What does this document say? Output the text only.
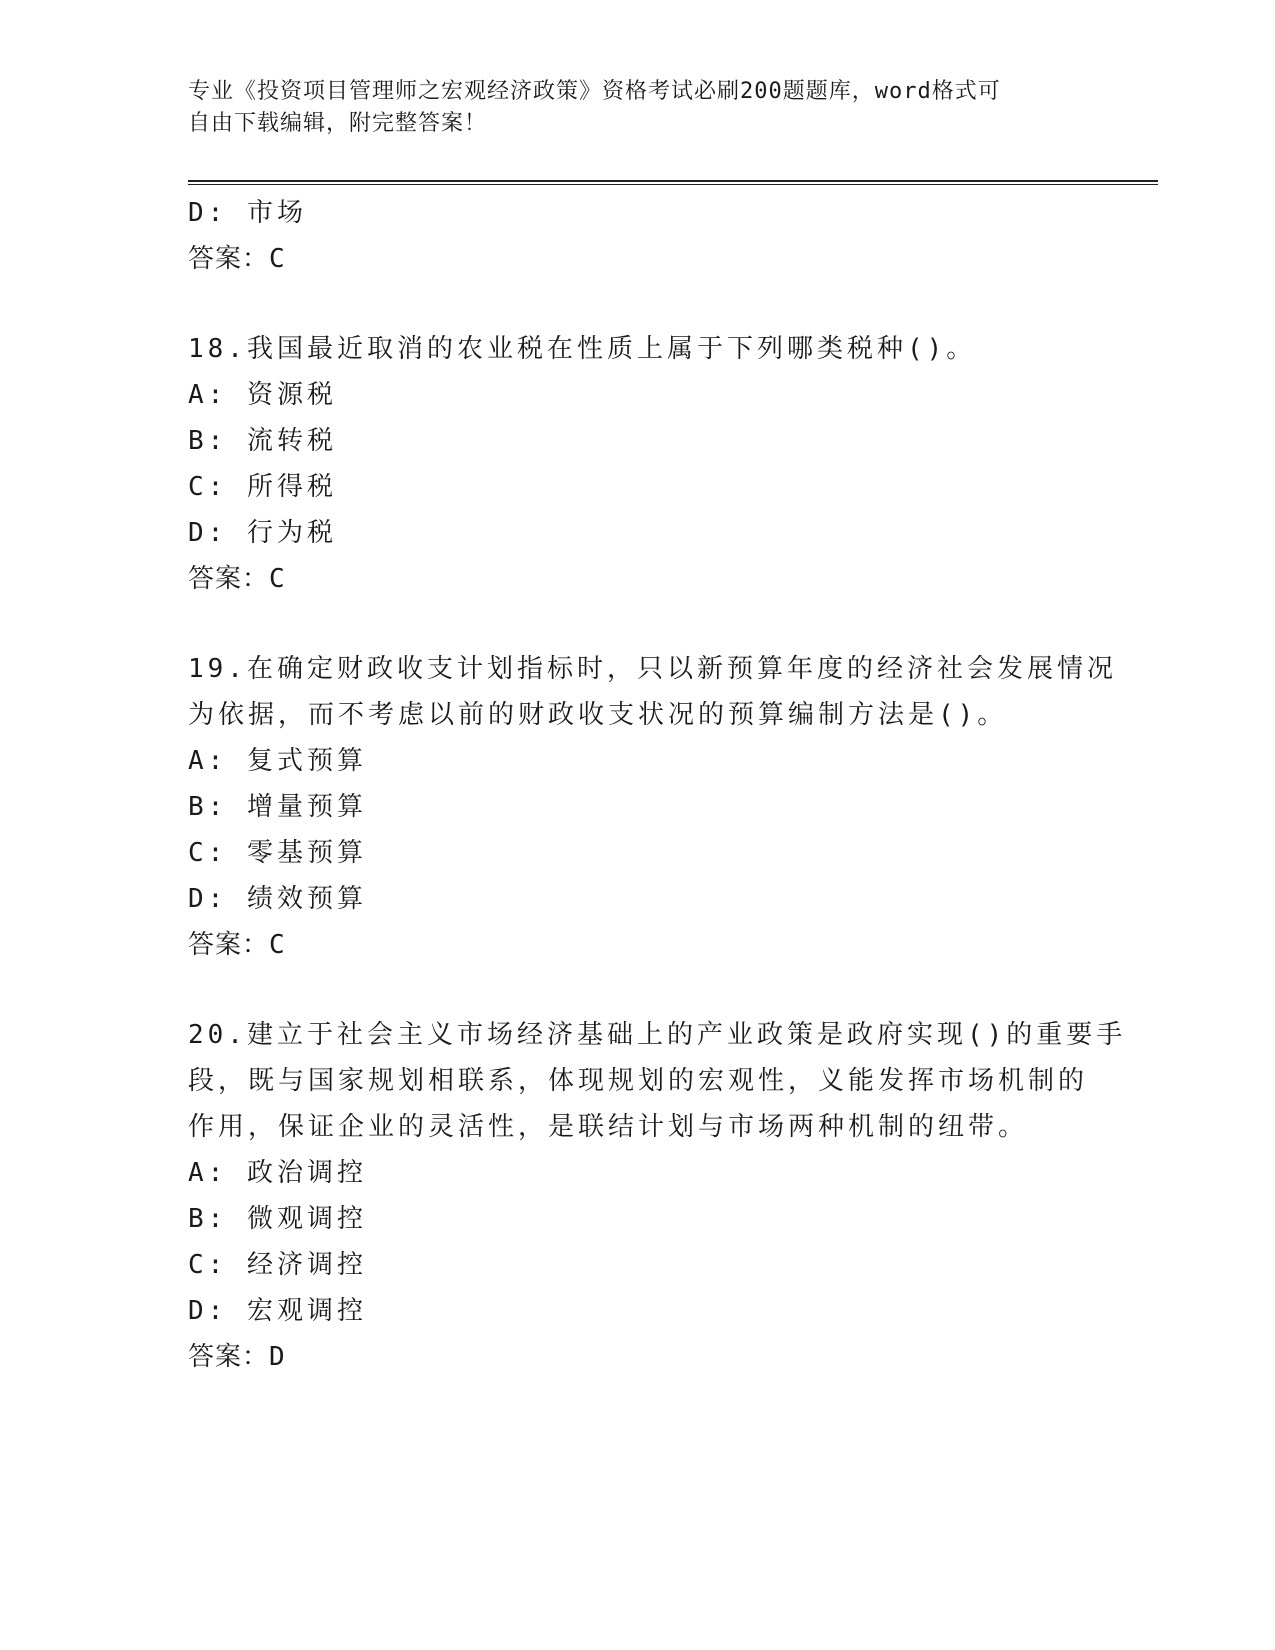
专业《投资项目管理师之宏观经济政策》资格考试必刷200题题库，word格式可
自由下载编辑，附完整答案！
D: 市场
答案：C
18.我国最近取消的农业税在性质上属于下列哪类税种()。
A: 资源税
B: 流转税
C: 所得税
D: 行为税
答案：C
19.在确定财政收支计划指标时，只以新预算年度的经济社会发展情况
为依据，而不考虑以前的财政收支状况的预算编制方法是()。
A: 复式预算
B: 增量预算
C: 零基预算
D: 绩效预算
答案：C
20.建立于社会主义市场经济基础上的产业政策是政府实现()的重要手
段，既与国家规划相联系，体现规划的宏观性，义能发挥市场机制的
作用，保证企业的灵活性，是联结计划与市场两种机制的纽带。
A: 政治调控
B: 微观调控
C: 经济调控
D: 宏观调控
答案：D
